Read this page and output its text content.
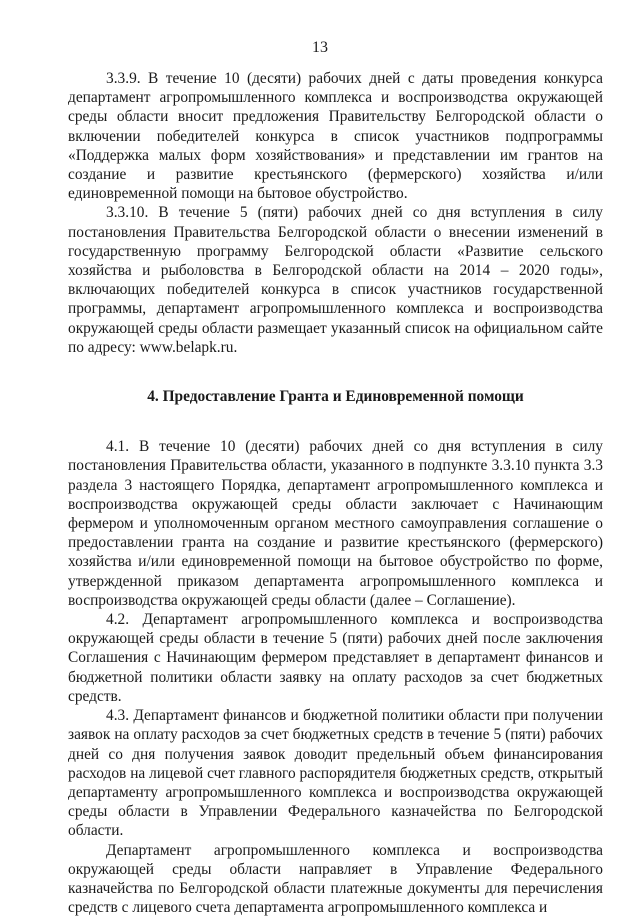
13

3.3.9. В течение 10 (десяти) рабочих дней с даты проведения конкурса департамент агропромышленного комплекса и воспроизводства окружающей среды области вносит предложения Правительству Белгородской области о включении победителей конкурса в список участников подпрограммы «Поддержка малых форм хозяйствования» и представлении им грантов на создание и развитие крестьянского (фермерского) хозяйства и/или единовременной помощи на бытовое обустройство.

3.3.10. В течение 5 (пяти) рабочих дней со дня вступления в силу постановления Правительства Белгородской области о внесении изменений в государственную программу Белгородской области «Развитие сельского хозяйства и рыболовства в Белгородской области на 2014 – 2020 годы», включающих победителей конкурса в список участников государственной программы, департамент агропромышленного комплекса и воспроизводства окружающей среды области размещает указанный список на официальном сайте по адресу: www.belapk.ru.

4. Предоставление Гранта и Единовременной помощи

4.1. В течение 10 (десяти) рабочих дней со дня вступления в силу постановления Правительства области, указанного в подпункте 3.3.10 пункта 3.3 раздела 3 настоящего Порядка, департамент агропромышленного комплекса и воспроизводства окружающей среды области заключает с Начинающим фермером и уполномоченным органом местного самоуправления соглашение о предоставлении гранта на создание и развитие крестьянского (фермерского) хозяйства и/или единовременной помощи на бытовое обустройство по форме, утвержденной приказом департамента агропромышленного комплекса и воспроизводства окружающей среды области (далее – Соглашение).

4.2. Департамент агропромышленного комплекса и воспроизводства окружающей среды области в течение 5 (пяти) рабочих дней после заключения Соглашения с Начинающим фермером представляет в департамент финансов и бюджетной политики области заявку на оплату расходов за счет бюджетных средств.

4.3. Департамент финансов и бюджетной политики области при получении заявок на оплату расходов за счет бюджетных средств в течение 5 (пяти) рабочих дней со дня получения заявок доводит предельный объем финансирования расходов на лицевой счет главного распорядителя бюджетных средств, открытый департаменту агропромышленного комплекса и воспроизводства окружающей среды области в Управлении Федерального казначейства по Белгородской области.

Департамент агропромышленного комплекса и воспроизводства окружающей среды области направляет в Управление Федерального казначейства по Белгородской области платежные документы для перечисления средств с лицевого счета департамента агропромышленного комплекса и
